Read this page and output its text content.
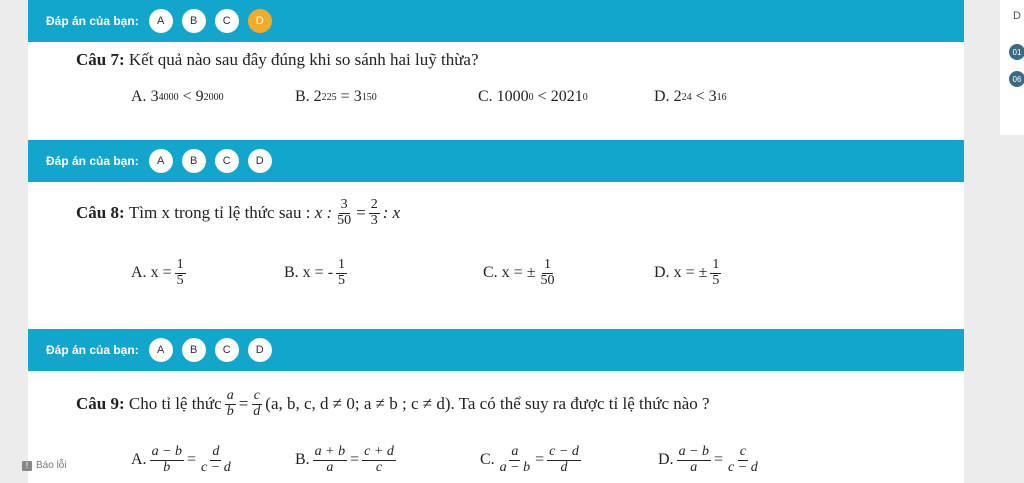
D
01
06
Đáp án của bạn:	A	B	C	D
Câu 7: Kết quả nào sau đây đúng khi so sánh hai luỹ thừa?
A.
3 4000
<
9 2000	B.
2 225
=
3 150	C.
1000 0
<
2021 0	D.
2 24
<
3 16
Đáp án của bạn:	A	B	C	D
Câu 8:
Tìm x trong tỉ lệ thức sau :
x : $\frac{3}{50} = \frac{2}{3}$ : x
A.
$x = \frac{1}{5}$	B.
x = - $\frac{1}{5}$	C.
x = ± $\frac{1}{50}$	D.
x = ± $\frac{1}{5}$
Đáp án của bạn:	A	B	C	D
Câu 9:
Cho tỉ lệ thức $\frac{a}{b} = \frac{c}{d} (a$, b, c, d ≠ 0; a ≠ b ; c ≠ d). Ta có thể suy ra được tỉ lệ thức nào ?
A. $\frac{a - b}{b} = \frac{d}{c - d}$	B. $\frac{a + b}{a} = \frac{c + d}{c}$	C. $\frac{a}{a - b} = \frac{c - d}{d}$	D. $\frac{a - b}{a} = \frac{c}{c - d}$
! Báo lỗi
